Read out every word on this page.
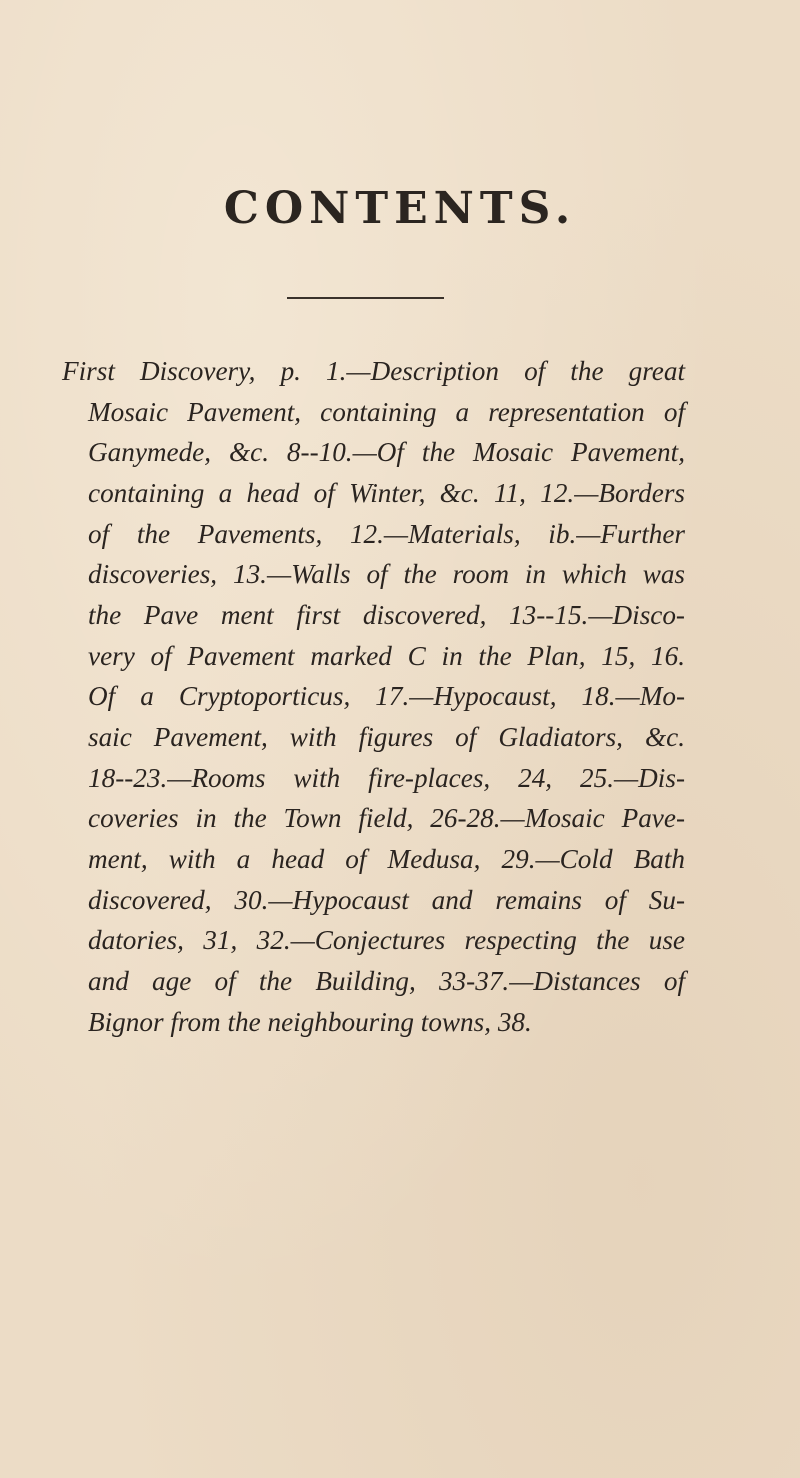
CONTENTS.
First Discovery, p. 1.—Description of the great
Mosaic Pavement, containing a representation of
Ganymede, &c. 8--10.—Of the Mosaic Pavement,
containing a head of Winter, &c. 11, 12.—Borders
of the Pavements, 12.—Materials, ib.—Further
discoveries, 13.—Walls of the room in which was
the Pave ment first discovered, 13--15.—Disco-
very of Pavement marked C in the Plan, 15, 16.
Of a Cryptoporticus, 17.—Hypocaust, 18.—Mo-
saic Pavement, with figures of Gladiators, &c.
18--23.—Rooms with fire-places, 24, 25.—Dis-
coveries in the Town field, 26-28.—Mosaic Pave-
ment, with a head of Medusa, 29.—Cold Bath
discovered, 30.—Hypocaust and remains of Su-
datories, 31, 32.—Conjectures respecting the use
and age of the Building, 33-37.—Distances of
Bignor from the neighbouring towns, 38.
